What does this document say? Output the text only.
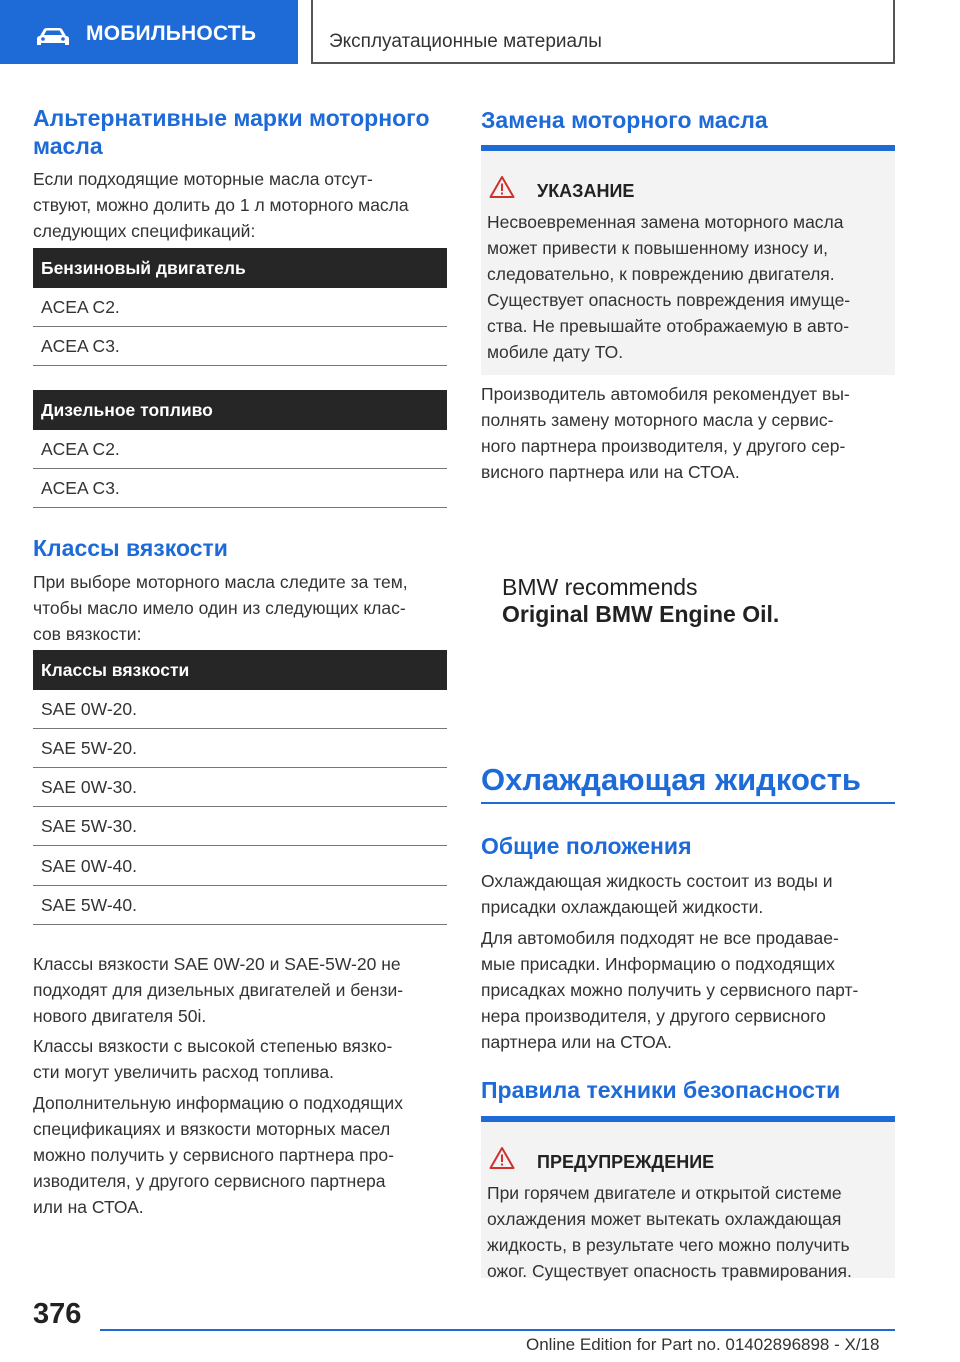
МОБИЛЬНОСТЬ	Эксплуатационные материалы
Альтернативные марки моторного
масла
Если подходящие моторные масла отсут-
ствуют, можно долить до 1 л моторного масла
следующих спецификаций:
Бензиновый двигатель
ACEA C2.
ACEA C3.
Дизельное топливо
ACEA C2.
ACEA C3.
Классы вязкости
При выборе моторного масла следите за тем,
чтобы масло имело один из следующих клас-
сов вязкости:
Классы вязкости
SAE 0W-20.
SAE 5W-20.
SAE 0W-30.
SAE 5W-30.
SAE 0W-40.
SAE 5W-40.
Классы вязкости SAE 0W-20 и SAE-5W-20 не
подходят для дизельных двигателей и бензи-
нового двигателя 50i.
Классы вязкости с высокой степенью вязко-
сти могут увеличить расход топлива.
Дополнительную информацию о подходящих
спецификациях и вязкости моторных масел
можно получить у сервисного партнера про-
изводителя, у другого сервисного партнера
или на СТОА.
Замена моторного масла
УКАЗАНИЕ
Несвоевременная замена моторного масла
может привести к повышенному износу и,
следовательно, к повреждению двигателя.
Существует опасность повреждения имуще-
ства. Не превышайте отображаемую в авто-
мобиле дату ТО.
Производитель автомобиля рекомендует вы-
полнять замену моторного масла у сервис-
ного партнера производителя, у другого сер-
висного партнера или на СТОА.
BMW recommends
Original BMW Engine Oil.
Охлаждающая жидкость
Общие положения
Охлаждающая жидкость состоит из воды и
присадки охлаждающей жидкости.
Для автомобиля подходят не все продавае-
мые присадки. Информацию о подходящих
присадках можно получить у сервисного парт-
нера производителя, у другого сервисного
партнера или на СТОА.
Правила техники безопасности
ПРЕДУПРЕЖДЕНИЕ
При горячем двигателе и открытой системе
охлаждения может вытекать охлаждающая
жидкость, в результате чего можно получить
ожог. Существует опасность травмирования.
376
Online Edition for Part no. 01402896898 - X/18
